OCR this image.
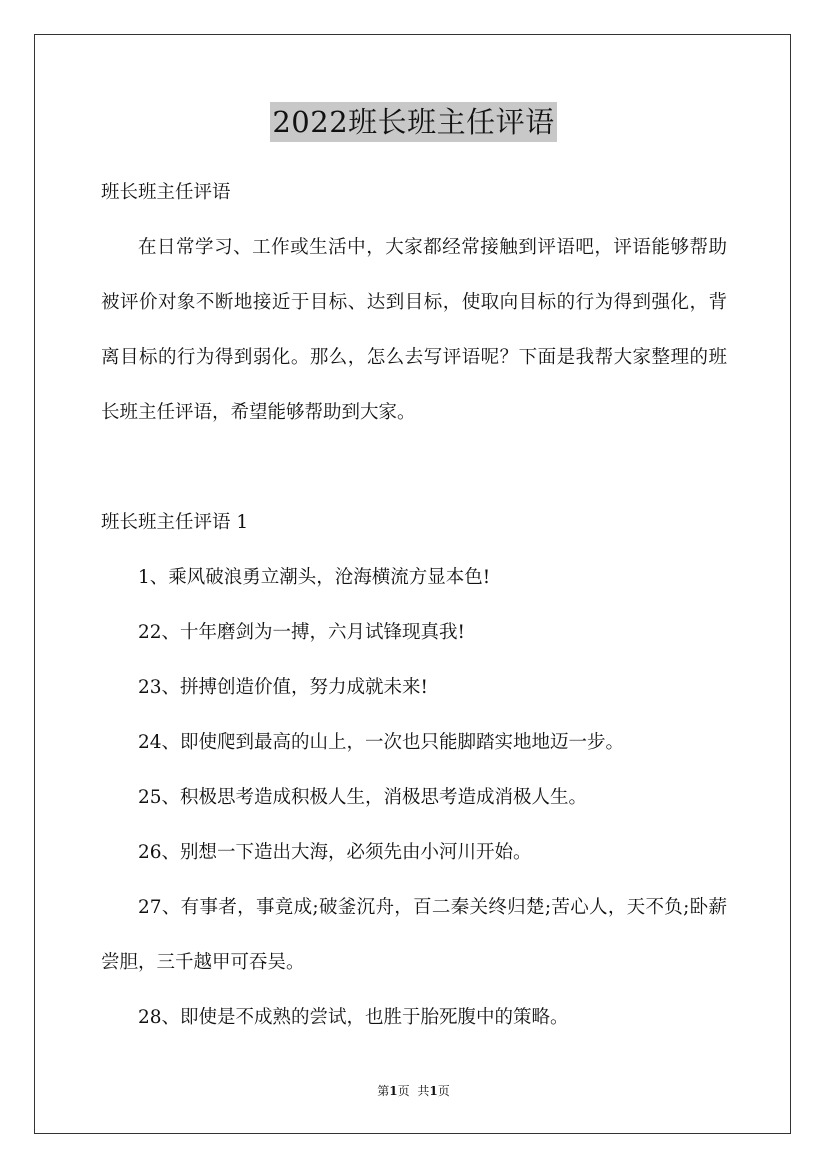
2022班长班主任评语

班长班主任评语

在日常学习、工作或生活中，大家都经常接触到评语吧，评语能够帮助被评价对象不断地接近于目标、达到目标，使取向目标的行为得到强化，背离目标的行为得到弱化。那么，怎么去写评语呢？下面是我帮大家整理的班长班主任评语，希望能够帮助到大家。

班长班主任评语 1

1、乘风破浪勇立潮头，沧海横流方显本色!

22、十年磨剑为一搏，六月试锋现真我!

23、拼搏创造价值，努力成就未来!

24、即使爬到最高的山上，一次也只能脚踏实地地迈一步。

25、积极思考造成积极人生，消极思考造成消极人生。

26、别想一下造出大海，必须先由小河川开始。

27、有事者，事竟成;破釜沉舟，百二秦关终归楚;苦心人，天不负;卧薪尝胆，三千越甲可吞吴。

28、即使是不成熟的尝试，也胜于胎死腹中的策略。

第1页 共1页
